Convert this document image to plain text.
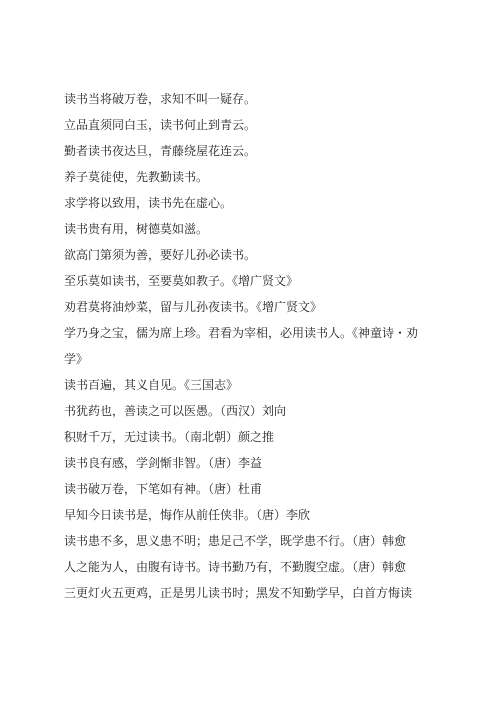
读书当将破万卷，求知不叫一疑存。
立品直须同白玉，读书何止到青云。
勤者读书夜达旦，青藤绕屋花连云。
养子莫徒使，先教勤读书。
求学将以致用，读书先在虚心。
读书贵有用，树德莫如滋。
欲高门第须为善，要好儿孙必读书。
至乐莫如读书，至要莫如教子。《增广贤文》
劝君莫将油炒菜，留与儿孙夜读书。《增广贤文》
学乃身之宝，儒为席上珍。君看为宰相，必用读书人。《神童诗・劝
学》
读书百遍，其义自见。《三国志》
书犹药也，善读之可以医愚。（西汉）刘向
积财千万，无过读书。（南北朝）颜之推
读书良有感，学剑惭非智。（唐）李益
读书破万卷，下笔如有神。（唐）杜甫
早知今日读书是，悔作从前任侠非。（唐）李欣
读书患不多，思义患不明；患足己不学，既学患不行。（唐）韩愈
人之能为人，由腹有诗书。诗书勤乃有，不勤腹空虚。（唐）韩愈
三更灯火五更鸡，正是男儿读书时；黑发不知勤学早，白首方悔读
